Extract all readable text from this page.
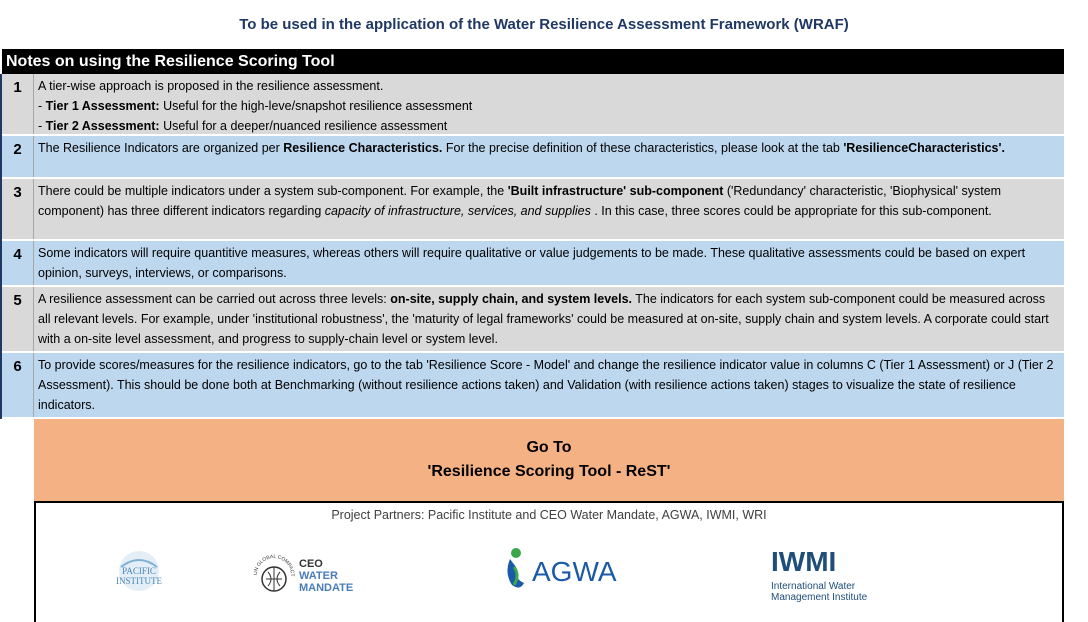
To be used in the application of the Water Resilience Assessment Framework (WRAF)
Notes on using the Resilience Scoring Tool
1	A tier-wise approach is proposed in the resilience assessment.
- Tier 1 Assessment: Useful for the high-leve/snapshot resilience assessment
- Tier 2 Assessment: Useful for a deeper/nuanced resilience assessment
2	The Resilience Indicators are organized per Resilience Characteristics. For the precise definition of these characteristics, please look at the tab 'ResilienceCharacteristics'.
3	There could be multiple indicators under a system sub-component. For example, the 'Built infrastructure' sub-component ('Redundancy' characteristic, 'Biophysical' system component) has three different indicators regarding capacity of infrastructure, services, and supplies . In this case, three scores could be appropriate for this sub-component.
4	Some indicators will require quantitive measures, whereas others will require qualitative or value judgements to be made. These qualitative assessments could be based on expert opinion, surveys, interviews, or comparisons.
5	A resilience assessment can be carried out across three levels: on-site, supply chain, and system levels. The indicators for each system sub-component could be measured across all relevant levels. For example, under 'institutional robustness', the 'maturity of legal frameworks' could be measured at on-site, supply chain and system levels. A corporate could start with a on-site level assessment, and progress to supply-chain level or system level.
6	To provide scores/measures for the resilience indicators, go to the tab 'Resilience Score - Model' and change the resilience indicator value in columns C (Tier 1 Assessment) or J (Tier 2 Assessment). This should be done both at Benchmarking (without resilience actions taken) and Validation (with resilience actions taken) stages to visualize the state of resilience indicators.
Go To
'Resilience Scoring Tool - ReST'
Project Partners: Pacific Institute and CEO Water Mandate, AGWA, IWMI, WRI
PACIFIC
INSTITUTE
UN GLOBAL COMPACT
CEO
WATER
MANDATE
AGWA	IWMI
International Water
Management Institute
